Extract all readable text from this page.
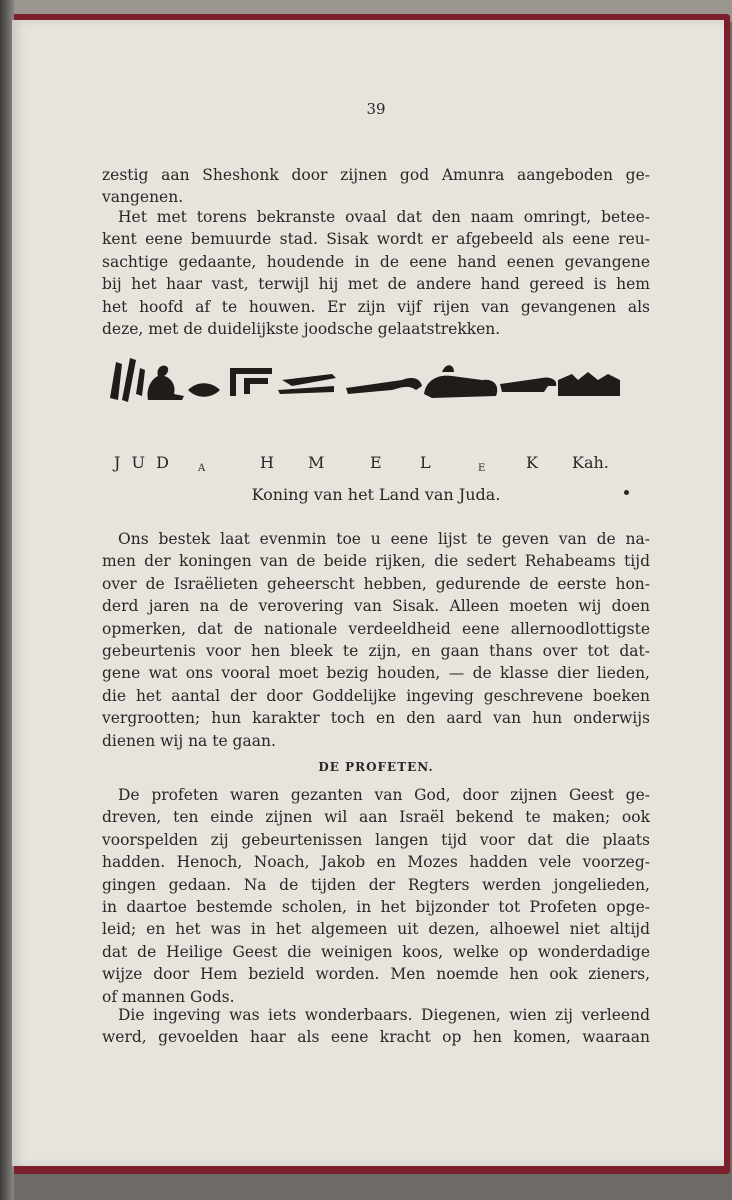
39
zestig aan Sheshonk door zijnen god Amunra aangeboden ge-
vangenen.
Het met torens bekranste ovaal dat den naam omringt, betee-
kent eene bemuurde stad. Sisak wordt er afgebeeld als eene reu-
sachtige gedaante, houdende in de eene hand eenen gevangene
bij het haar vast, terwijl hij met de andere hand gereed is hem
het hoofd af te houwen. Er zijn vijf rijen van gevangenen als
deze, met de duidelijkste joodsche gelaatstrekken.
J U D	A	H M	E L	E K Kah.
Koning van het Land van Juda.
Ons bestek laat evenmin toe u eene lijst te geven van de na-
men der koningen van de beide rijken, die sedert Rehabeams tijd
over de Israëlieten geheerscht hebben, gedurende de eerste hon-
derd jaren na de verovering van Sisak. Alleen moeten wij doen
opmerken, dat de nationale verdeeldheid eene allernoodlottigste
gebeurtenis voor hen bleek te zijn, en gaan thans over tot dat-
gene wat ons vooral moet bezig houden, — de klasse dier lieden,
die het aantal der door Goddelijke ingeving geschrevene boeken
vergrootten; hun karakter toch en den aard van hun onderwijs
dienen wij na te gaan.
DE PROFETEN.
De profeten waren gezanten van God, door zijnen Geest ge-
dreven, ten einde zijnen wil aan Israël bekend te maken; ook
voorspelden zij gebeurtenissen langen tijd voor dat die plaats
hadden. Henoch, Noach, Jakob en Mozes hadden vele voorzeg-
gingen gedaan. Na de tijden der Regters werden jongelieden,
in daartoe bestemde scholen, in het bijzonder tot Profeten opge-
leid; en het was in het algemeen uit dezen, alhoewel niet altijd
dat de Heilige Geest die weinigen koos, welke op wonderdadige
wijze door Hem bezield worden. Men noemde hen ook zieners,
of mannen Gods.
Die ingeving was iets wonderbaars. Diegenen, wien zij verleend
werd, gevoelden haar als eene kracht op hen komen, waaraan
